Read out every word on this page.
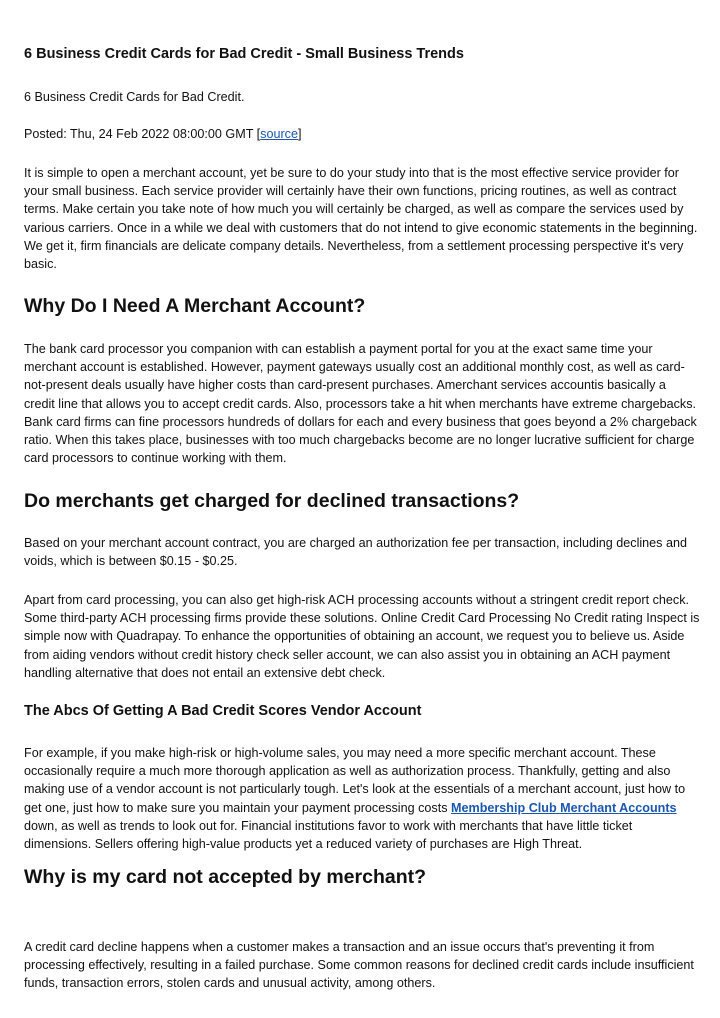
6 Business Credit Cards for Bad Credit - Small Business Trends

6 Business Credit Cards for Bad Credit.

Posted: Thu, 24 Feb 2022 08:00:00 GMT [source]

It is simple to open a merchant account, yet be sure to do your study into that is the most effective service provider for your small business. Each service provider will certainly have their own functions, pricing routines, as well as contract terms. Make certain you take note of how much you will certainly be charged, as well as compare the services used by various carriers. Once in a while we deal with customers that do not intend to give economic statements in the beginning. We get it, firm financials are delicate company details. Nevertheless, from a settlement processing perspective it's very basic.

Why Do I Need A Merchant Account?

The bank card processor you companion with can establish a payment portal for you at the exact same time your merchant account is established. However, payment gateways usually cost an additional monthly cost, as well as card-not-present deals usually have higher costs than card-present purchases. Amerchant services accountis basically a credit line that allows you to accept credit cards. Also, processors take a hit when merchants have extreme chargebacks. Bank card firms can fine processors hundreds of dollars for each and every business that goes beyond a 2% chargeback ratio. When this takes place, businesses with too much chargebacks become are no longer lucrative sufficient for charge card processors to continue working with them.

Do merchants get charged for declined transactions?

Based on your merchant account contract, you are charged an authorization fee per transaction, including declines and voids, which is between $0.15 - $0.25.

Apart from card processing, you can also get high-risk ACH processing accounts without a stringent credit report check. Some third-party ACH processing firms provide these solutions. Online Credit Card Processing No Credit rating Inspect is simple now with Quadrapay. To enhance the opportunities of obtaining an account, we request you to believe us. Aside from aiding vendors without credit history check seller account, we can also assist you in obtaining an ACH payment handling alternative that does not entail an extensive debt check.

The Abcs Of Getting A Bad Credit Scores Vendor Account

For example, if you make high-risk or high-volume sales, you may need a more specific merchant account. These occasionally require a much more thorough application as well as authorization process. Thankfully, getting and also making use of a vendor account is not particularly tough. Let's look at the essentials of a merchant account, just how to get one, just how to make sure you maintain your payment processing costs Membership Club Merchant Accounts down, as well as trends to look out for. Financial institutions favor to work with merchants that have little ticket dimensions. Sellers offering high-value products yet a reduced variety of purchases are High Threat.

Why is my card not accepted by merchant?

A credit card decline happens when a customer makes a transaction and an issue occurs that's preventing it from processing effectively, resulting in a failed purchase. Some common reasons for declined credit cards include insufficient funds, transaction errors, stolen cards and unusual activity, among others.
